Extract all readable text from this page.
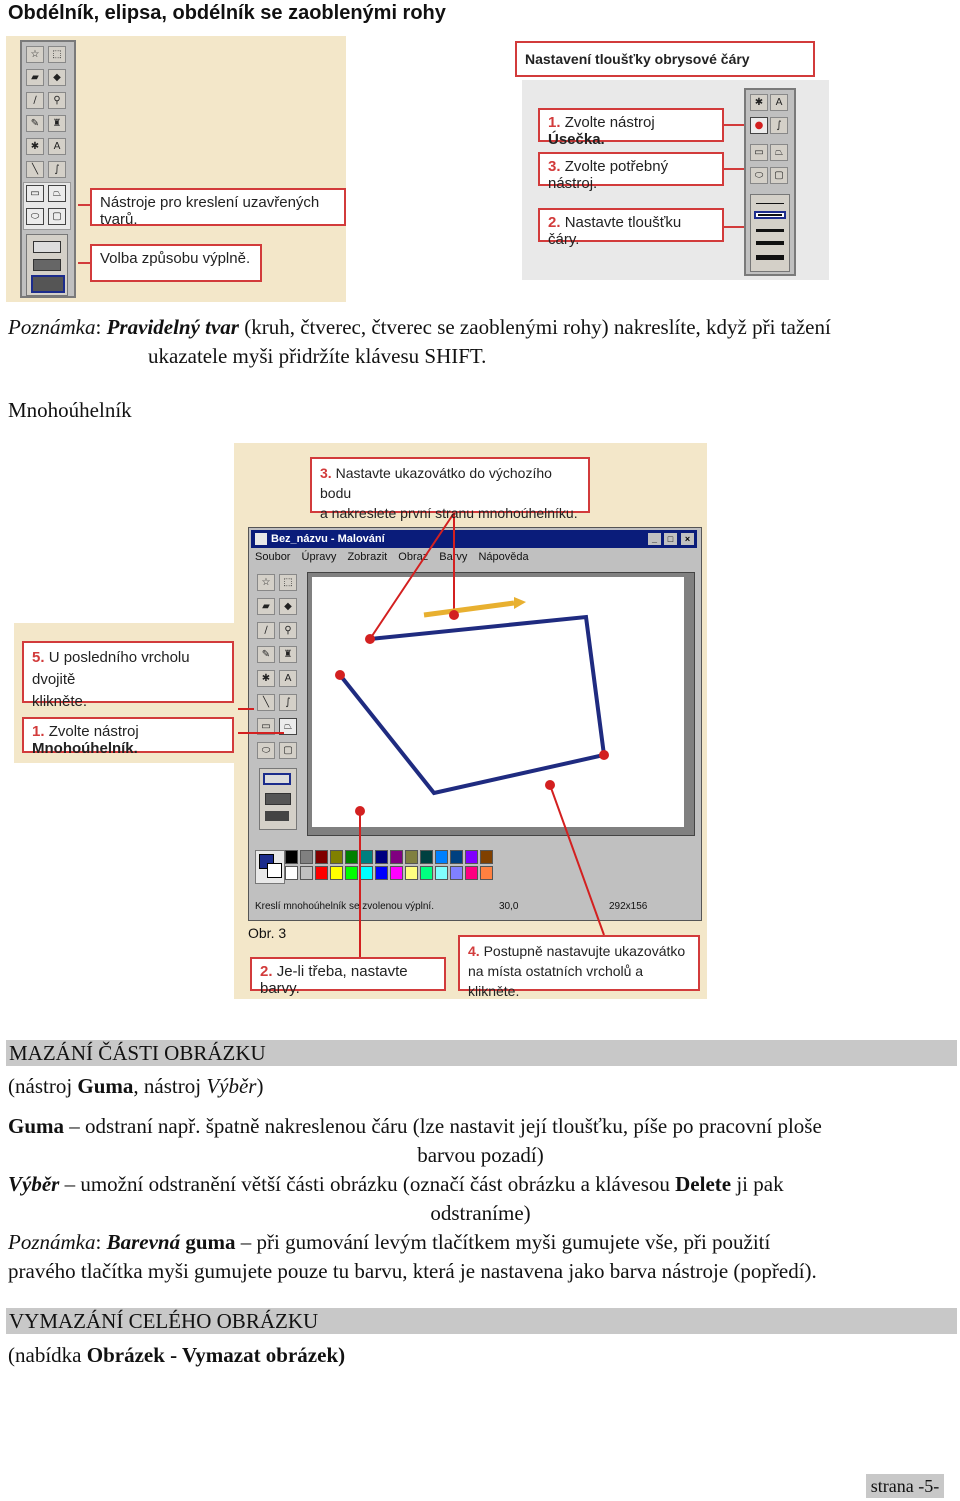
Obdélník, elipsa, obdélník se zaoblenými rohy
☆	⬚
▰	◆
∕	⚲
✎	♜
✱	A
╲	∫
▭	⏢
⬭	▢
Nástroje pro kreslení uzavřených tvarů.
Volba způsobu výplně.
Nastavení tloušťky obrysové čáry
1. Zvolte nástroj Úsečka.
3. Zvolte potřebný nástroj.
2. Nastavte tloušťku čáry.
✱	A
●	∫
▭	⏢
⬭	▢
Poznámka: Pravidelný tvar (kruh, čtverec, čtverec se zaoblenými rohy) nakreslíte, když při tažení
ukazatele myši přidržíte klávesu SHIFT.
Mnohoúhelník
Bez_názvu - Malování	_	□	×
Soubor Úpravy Zobrazit Obraz Barvy Nápověda
☆	⬚
▰	◆
∕	⚲
✎	♜
✱	A
╲	∫
▭	⏢
⬭	▢
Kreslí mnohoúhelník se zvolenou výplní.	30,0	292x156
3. Nastavte ukazovátko do výchozího bodu
a nakreslete první stranu mnohoúhelníku.
5. U posledního vrcholu dvojitě
klikněte.
1. Zvolte nástroj Mnohoúhelník.
Obr. 3
2. Je-li třeba, nastavte barvy.
4. Postupně nastavujte ukazovátko
na místa ostatních vrcholů a klikněte.
MAZÁNÍ ČÁSTI OBRÁZKU
(nástroj Guma, nástroj Výběr)
Guma – odstraní např. špatně nakreslenou čáru (lze nastavit její tloušťku, píše po pracovní ploše
barvou pozadí)
Výběr – umožní odstranění větší části obrázku (označí část obrázku a klávesou Delete ji pak
odstraníme)
Poznámka: Barevná guma – při gumování levým tlačítkem myši gumujete vše, při použití
pravého tlačítka myši gumujete pouze tu barvu, která je nastavena jako barva nástroje (popředí).
VYMAZÁNÍ CELÉHO OBRÁZKU
(nabídka Obrázek - Vymazat obrázek)
strana -5-
